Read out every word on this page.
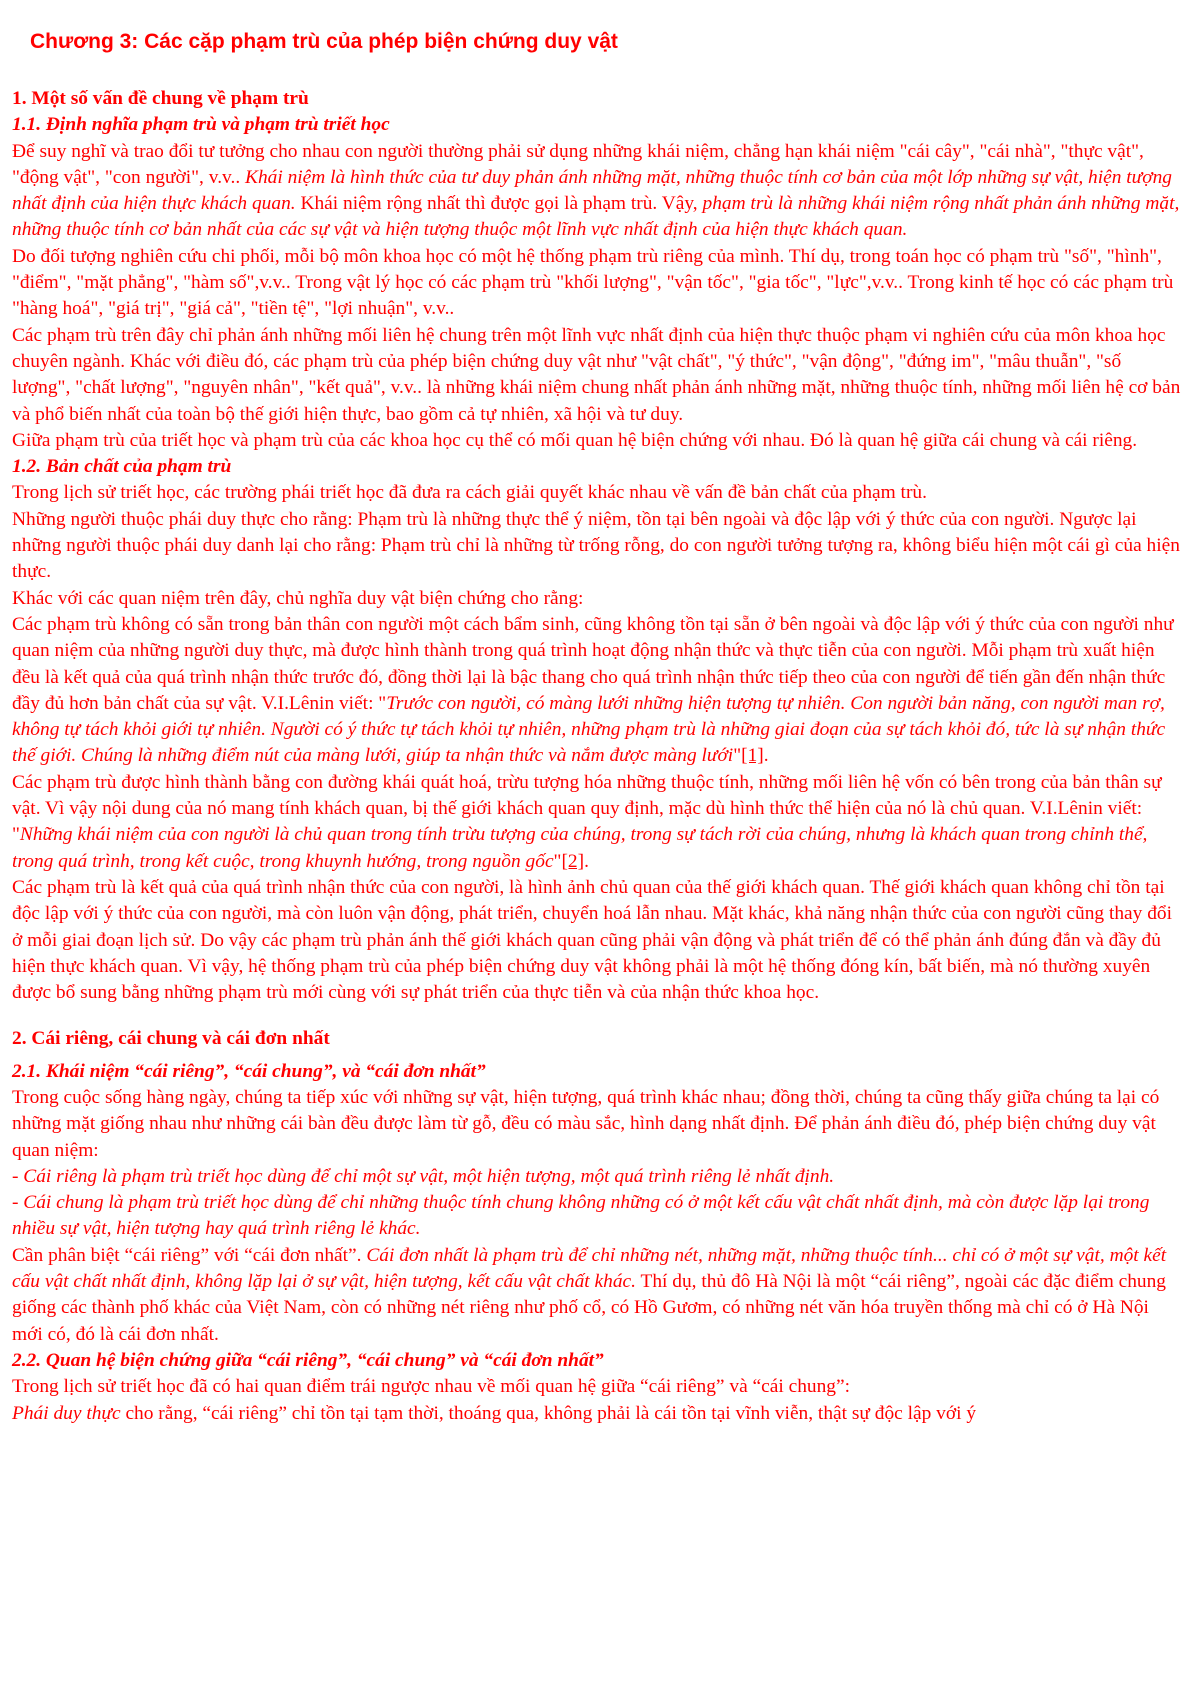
Chương 3: Các cặp phạm trù của phép biện chứng duy vật

1. Một số vấn đề chung về phạm trù

1.1. Định nghĩa phạm trù và phạm trù triết học

Để suy nghĩ và trao đổi tư tưởng cho nhau con người thường phải sử dụng những khái niệm, chẳng hạn khái niệm "cái cây", "cái nhà", "thực vật", "động vật", "con người", v.v.. Khái niệm là hình thức của tư duy phản ánh những mặt, những thuộc tính cơ bản của một lớp những sự vật, hiện tượng nhất định của hiện thực khách quan. Khái niệm rộng nhất thì được gọi là phạm trù. Vậy, phạm trù là những khái niệm rộng nhất phản ánh những mặt, những thuộc tính cơ bản nhất của các sự vật và hiện tượng thuộc một lĩnh vực nhất định của hiện thực khách quan.

Do đối tượng nghiên cứu chi phối, mỗi bộ môn khoa học có một hệ thống phạm trù riêng của mình. Thí dụ, trong toán học có phạm trù "số", "hình", "điểm", "mặt phẳng", "hàm số",v.v.. Trong vật lý học có các phạm trù "khối lượng", "vận tốc", "gia tốc", "lực",v.v.. Trong kinh tế học có các phạm trù "hàng hoá", "giá trị", "giá cả", "tiền tệ", "lợi nhuận", v.v..

Các phạm trù trên đây chỉ phản ánh những mối liên hệ chung trên một lĩnh vực nhất định của hiện thực thuộc phạm vi nghiên cứu của môn khoa học chuyên ngành. Khác với điều đó, các phạm trù của phép biện chứng duy vật như "vật chất", "ý thức", "vận động", "đứng im", "mâu thuẫn", "số lượng", "chất lượng", "nguyên nhân", "kết quả", v.v.. là những khái niệm chung nhất phản ánh những mặt, những thuộc tính, những mối liên hệ cơ bản và phổ biến nhất của toàn bộ thế giới hiện thực, bao gồm cả tự nhiên, xã hội và tư duy.

Giữa phạm trù của triết học và phạm trù của các khoa học cụ thể có mối quan hệ biện chứng với nhau. Đó là quan hệ giữa cái chung và cái riêng.

1.2. Bản chất của phạm trù

Trong lịch sử triết học, các trường phái triết học đã đưa ra cách giải quyết khác nhau về vấn đề bản chất của phạm trù.

Những người thuộc phái duy thực cho rằng: Phạm trù là những thực thể ý niệm, tồn tại bên ngoài và độc lập với ý thức của con người. Ngược lại những người thuộc phái duy danh lại cho rằng: Phạm trù chỉ là những từ trống rỗng, do con người tưởng tượng ra, không biểu hiện một cái gì của hiện thực.

Khác với các quan niệm trên đây, chủ nghĩa duy vật biện chứng cho rằng:

Các phạm trù không có sẵn trong bản thân con người một cách bẩm sinh, cũng không tồn tại sẵn ở bên ngoài và độc lập với ý thức của con người như quan niệm của những người duy thực, mà được hình thành trong quá trình hoạt động nhận thức và thực tiễn của con người. Mỗi phạm trù xuất hiện đều là kết quả của quá trình nhận thức trước đó, đồng thời lại là bậc thang cho quá trình nhận thức tiếp theo của con người để tiến gần đến nhận thức đầy đủ hơn bản chất của sự vật. V.I.Lênin viết: "Trước con người, có màng lưới những hiện tượng tự nhiên. Con người bản năng, con người man rợ, không tự tách khỏi giới tự nhiên. Người có ý thức tự tách khỏi tự nhiên, những phạm trù là những giai đoạn của sự tách khỏi đó, tức là sự nhận thức thế giới. Chúng là những điểm nút của màng lưới, giúp ta nhận thức và nắm được màng lưới"[1].

Các phạm trù được hình thành bằng con đường khái quát hoá, trừu tượng hóa những thuộc tính, những mối liên hệ vốn có bên trong của bản thân sự vật. Vì vậy nội dung của nó mang tính khách quan, bị thế giới khách quan quy định, mặc dù hình thức thể hiện của nó là chủ quan. V.I.Lênin viết: "Những khái niệm của con người là chủ quan trong tính trừu tượng của chúng, trong sự tách rời của chúng, nhưng là khách quan trong chỉnh thể, trong quá trình, trong kết cuộc, trong khuynh hướng, trong nguồn gốc"[2].

Các phạm trù là kết quả của quá trình nhận thức của con người, là hình ảnh chủ quan của thế giới khách quan. Thế giới khách quan không chỉ tồn tại độc lập với ý thức của con người, mà còn luôn vận động, phát triển, chuyển hoá lẫn nhau. Mặt khác, khả năng nhận thức của con người cũng thay đổi ở mỗi giai đoạn lịch sử. Do vậy các phạm trù phản ánh thế giới khách quan cũng phải vận động và phát triển để có thể phản ánh đúng đắn và đầy đủ hiện thực khách quan. Vì vậy, hệ thống phạm trù của phép biện chứng duy vật không phải là một hệ thống đóng kín, bất biến, mà nó thường xuyên được bổ sung bằng những phạm trù mới cùng với sự phát triển của thực tiễn và của nhận thức khoa học.

2. Cái riêng, cái chung và cái đơn nhất

2.1. Khái niệm “cái riêng”, “cái chung”, và “cái đơn nhất”

Trong cuộc sống hàng ngày, chúng ta tiếp xúc với những sự vật, hiện tượng, quá trình khác nhau; đồng thời, chúng ta cũng thấy giữa chúng ta lại có những mặt giống nhau như những cái bàn đều được làm từ gỗ, đều có màu sắc, hình dạng nhất định. Để phản ánh điều đó, phép biện chứng duy vật quan niệm:

- Cái riêng là phạm trù triết học dùng để chỉ một sự vật, một hiện tượng, một quá trình riêng lẻ nhất định.

- Cái chung là phạm trù triết học dùng để chỉ những thuộc tính chung không những có ở một kết cấu vật chất nhất định, mà còn được lặp lại trong nhiều sự vật, hiện tượng hay quá trình riêng lẻ khác.

Cần phân biệt “cái riêng” với “cái đơn nhất”. Cái đơn nhất là phạm trù để chỉ những nét, những mặt, những thuộc tính... chỉ có ở một sự vật, một kết cấu vật chất nhất định, không lặp lại ở sự vật, hiện tượng, kết cấu vật chất khác. Thí dụ, thủ đô Hà Nội là một “cái riêng”, ngoài các đặc điểm chung giống các thành phố khác của Việt Nam, còn có những nét riêng như phố cổ, có Hồ Gươm, có những nét văn hóa truyền thống mà chỉ có ở Hà Nội mới có, đó là cái đơn nhất.

2.2. Quan hệ biện chứng giữa “cái riêng”, “cái chung” và “cái đơn nhất”

Trong lịch sử triết học đã có hai quan điểm trái ngược nhau về mối quan hệ giữa “cái riêng” và “cái chung”:

Phái duy thực cho rằng, “cái riêng” chỉ tồn tại tạm thời, thoáng qua, không phải là cái tồn tại vĩnh viễn, thật sự độc lập với ý
